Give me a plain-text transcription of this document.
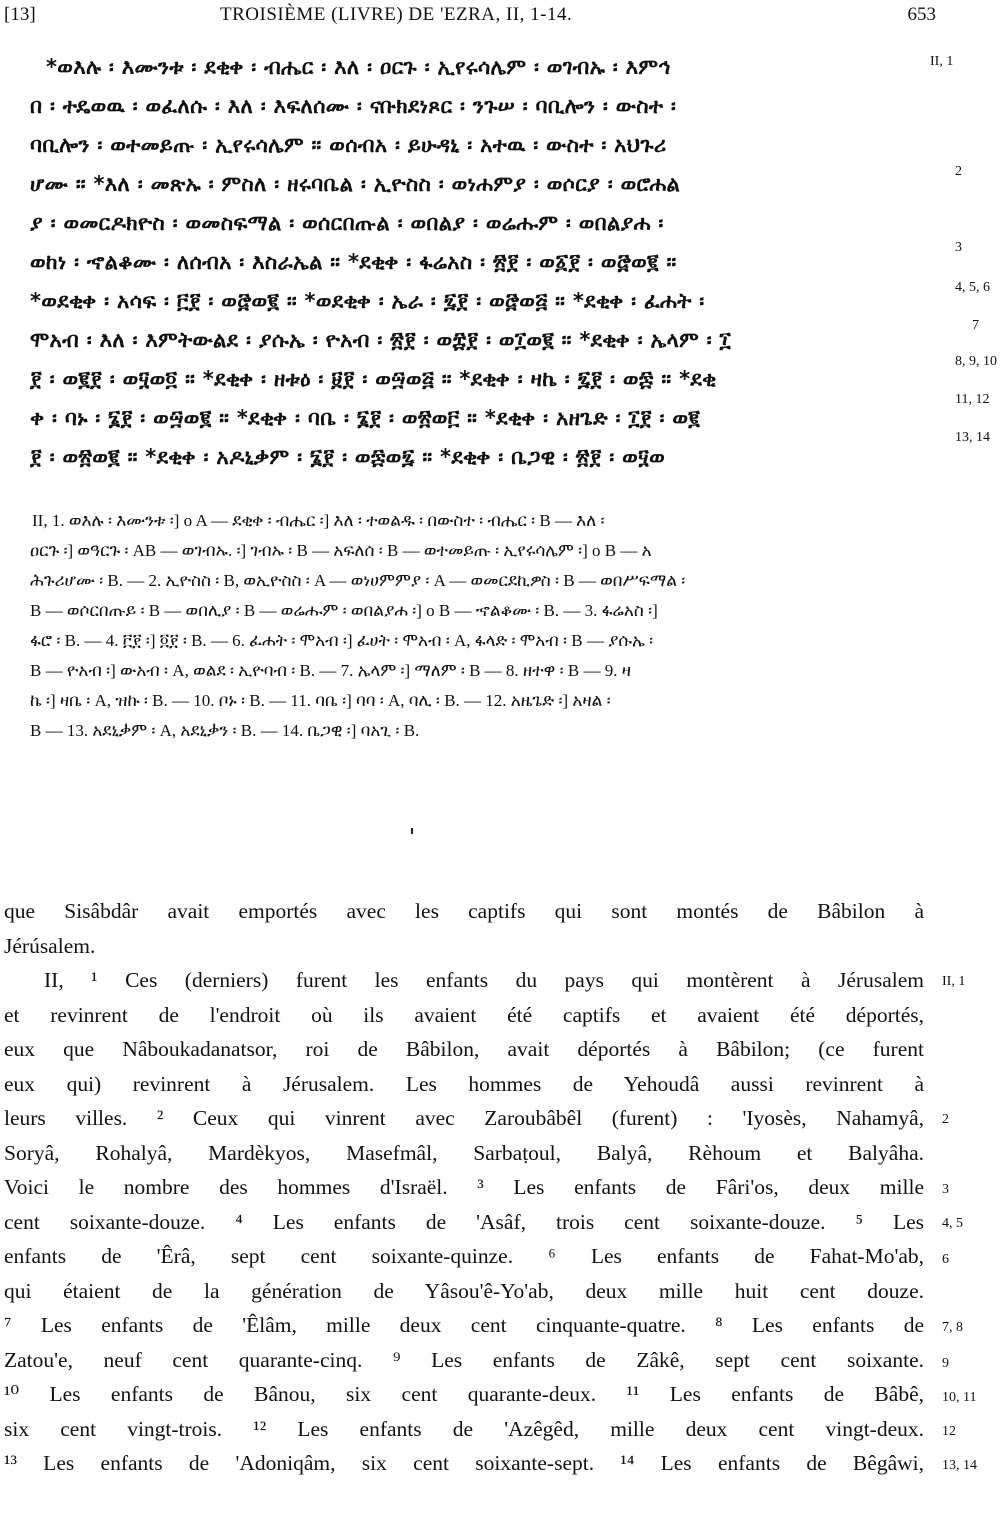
[13]	TROISIÈME (LIVRE) DE 'EZRA, II, 1-14.	653
*ወእሉ ፡ እሙንቱ ፡ ደቂቀ ፡ ብሔር ፡ እለ ፡ ዐርጉ ፡ ኢየሩሳሌም ፡ ወገብኡ ፡ እምኅ
በ ፡ ተዴወዉ ፡ ወፈለሱ ፡ እለ ፡ እፍለሰሙ ፡ ናቡክደነጾር ፡ ንጉሠ ፡ ባቢሎን ፡ ውስተ ፡
ባቢሎን ፡ ወተመይጡ ፡ ኢየሩሳሌም ። ወሰብአ ፡ ይሁዳኒ ፡ አተዉ ፡ ውስተ ፡ አህጉሪ
ሆሙ ። *እለ ፡ መጽኡ ፡ ምስለ ፡ ዘሩባቤል ፡ ኢዮስስ ፡ ወነሐምያ ፡ ወሶርያ ፡ ወሮሐል
ያ ፡ ወመርዶክዮስ ፡ ወመስፍማል ፡ ወሰርበጡል ፡ ወበልያ ፡ ወሬሑም ፡ ወበልያሐ ፡
ወከነ ፡ ኆልቆሙ ፡ ለሰብአ ፡ እስራኤል ። *ደቂቀ ፡ ፋሬአስ ፡ ፳፻ ፡ ወ፩፻ ፡ ወ፸ወ፪ ።
*ወደቂቀ ፡ አሳፍ ፡ ፫፻ ፡ ወ፸ወ፪ ። *ወደቂቀ ፡ ኤራ ፡ ፯፻ ፡ ወ፸ወ፭ ። *ደቂቀ ፡ ፈሐት ፡
ሞአብ ፡ እለ ፡ እምትውልደ ፡ ያሱኤ ፡ ዮአብ ፡ ፳፻ ፡ ወ፰፻ ፡ ወ፲ወ፪ ። *ደቂቀ ፡ ኤላም ፡ ፲
፻ ፡ ወ፪፻ ፡ ወ፶ወ፬ ። *ደቂቀ ፡ ዘቱዕ ፡ ፱፻ ፡ ወ፵ወ፭ ። *ደቂቀ ፡ ዛኬ ፡ ፯፻ ፡ ወ፷ ። *ደቂ
ቀ ፡ ባኑ ፡ ፮፻ ፡ ወ፵ወ፪ ። *ደቂቀ ፡ ባቤ ፡ ፮፻ ፡ ወ፳ወ፫ ። *ደቂቀ ፡ አዘጌድ ፡ ፲፻ ፡ ወ፪
፻ ፡ ወ፳ወ፪ ። *ደቂቀ ፡ አዶኒቃም ፡ ፮፻ ፡ ወ፷ወ፯ ። *ደቂቀ ፡ ቤጋዊ ፡ ፳፻ ፡ ወ፶ወ
II, 1
2
3
4, 5, 6
7
8, 9, 10
11, 12
13, 14
II, 1. ወእሉ ፡ እሙንቱ ፡] o A — ደቂቀ ፡ ብሔር ፡] እለ ፡ ተወልዱ ፡ በውስተ ፡ ብሔር ፡ B — እለ ፡
ዐርጉ ፡] ወዓርጉ ፡ AB — ወገብኡ. ፡] ገብኡ ፡ B — አፍለሰ ፡ B — ወተመይጡ ፡ ኢየሩሳሌም ፡] o B — አ
ሕጉሪሆሙ ፡ B. — 2. ኢዮስስ ፡ B, ወኢዮስስ ፡ A — ወነሀምምያ ፡ A — ወመርደኪዎስ ፡ B — ወበሥፍማል ፡
B — ወሶርበጡይ ፡ B — ወበሊያ ፡ B — ወሬሑም ፡ ወበልያሐ ፡] o B — ኆልቆሙ ፡ B. — 3. ፋሬአስ ፡]
ፋሮ ፡ B. — 4. ፫፻ ፡] ፬፻ ፡ B. — 6. ፈሐት ፡ ሞአብ ፡] ፈሀት ፡ ሞአብ ፡ A, ፋላድ ፡ ሞአብ ፡ B — ያሱኤ ፡
B — ዮአብ ፡] ውአብ ፡ A, ወልደ ፡ ኢዮባብ ፡ B. — 7. ኤላም ፡] ማለም ፡ B — 8. ዘተዋ ፡ B — 9. ዛ
ኬ ፡] ዛቤ ፡ A, ዝኩ ፡ B. — 10. ቦኑ ፡ B. — 11. ባቤ ፡] ባባ ፡ A, ባሊ ፡ B. — 12. አዜጌድ ፡] አዛል ፡
B — 13. አደኒቃም ፡ A, አደኒቃን ፡ B. — 14. ቤጋዊ ፡] ባአጊ ፡ B.
que Sisâbdâr avait emportés avec les captifs qui sont montés de Bâbilon à
Jérúsalem.
II, ¹ Ces (derniers) furent les enfants du pays qui montèrent à Jérusalem
et revinrent de l'endroit où ils avaient été captifs et avaient été déportés,
eux que Nâboukadanatsor, roi de Bâbilon, avait déportés à Bâbilon; (ce furent
eux qui) revinrent à Jérusalem. Les hommes de Yehoudâ aussi revinrent à
leurs villes. ² Ceux qui vinrent avec Zaroubâbêl (furent) : 'Iyosès, Nahamyâ,
Soryâ, Rohalyâ, Mardèkyos, Masefmâl, Sarbaṭoul, Balyâ, Rèhoum et Balyâha.
Voici le nombre des hommes d'Israël. ³ Les enfants de Fâri'os, deux mille
cent soixante-douze. ⁴ Les enfants de 'Asâf, trois cent soixante-douze. ⁵ Les
enfants de 'Êrâ, sept cent soixante-quinze. ⁶ Les enfants de Fahat-Mo'ab,
qui étaient de la génération de Yâsou'ê-Yo'ab, deux mille huit cent douze.
⁷ Les enfants de 'Êlâm, mille deux cent cinquante-quatre. ⁸ Les enfants de
Zatou'e, neuf cent quarante-cinq. ⁹ Les enfants de Zâkê, sept cent soixante.
¹⁰ Les enfants de Bânou, six cent quarante-deux. ¹¹ Les enfants de Bâbê,
six cent vingt-trois. ¹² Les enfants de 'Azêgêd, mille deux cent vingt-deux.
¹³ Les enfants de 'Adoniqâm, six cent soixante-sept. ¹⁴ Les enfants de Bêgâwi,
II, 1
2
3
4, 5
6
7, 8
9
10, 11
12
13, 14
